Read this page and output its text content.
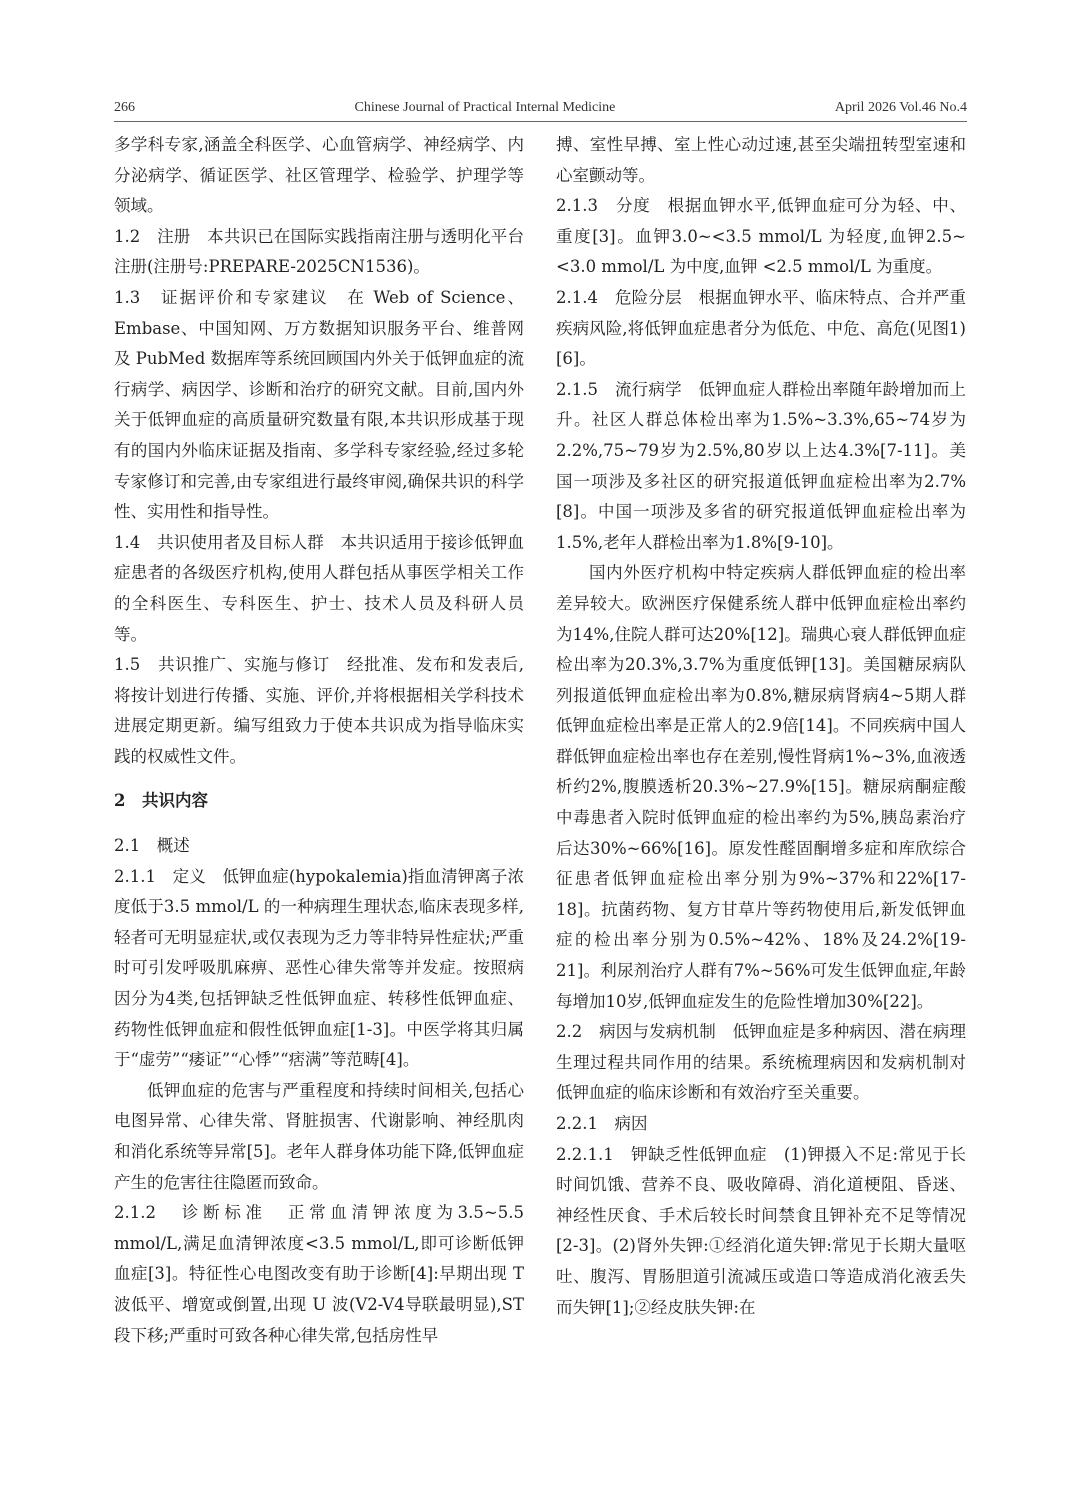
266	Chinese Journal of Practical Internal Medicine	April 2026 Vol.46 No.4

多学科专家,涵盖全科医学、心血管病学、神经病学、内分泌病学、循证医学、社区管理学、检验学、护理学等领域。

1.2　注册　本共识已在国际实践指南注册与透明化平台注册(注册号:PREPARE-2025CN1536)。

1.3　证据评价和专家建议　在 Web of Science、Embase、中国知网、万方数据知识服务平台、维普网及 PubMed 数据库等系统回顾国内外关于低钾血症的流行病学、病因学、诊断和治疗的研究文献。目前,国内外关于低钾血症的高质量研究数量有限,本共识形成基于现有的国内外临床证据及指南、多学科专家经验,经过多轮专家修订和完善,由专家组进行最终审阅,确保共识的科学性、实用性和指导性。

1.4　共识使用者及目标人群　本共识适用于接诊低钾血症患者的各级医疗机构,使用人群包括从事医学相关工作的全科医生、专科医生、护士、技术人员及科研人员等。

1.5　共识推广、实施与修订　经批准、发布和发表后,将按计划进行传播、实施、评价,并将根据相关学科技术进展定期更新。编写组致力于使本共识成为指导临床实践的权威性文件。

2　共识内容

2.1　概述

2.1.1　定义　低钾血症(hypokalemia)指血清钾离子浓度低于3.5 mmol/L 的一种病理生理状态,临床表现多样,轻者可无明显症状,或仅表现为乏力等非特异性症状;严重时可引发呼吸肌麻痹、恶性心律失常等并发症。按照病因分为4类,包括钾缺乏性低钾血症、转移性低钾血症、药物性低钾血症和假性低钾血症[1-3]。中医学将其归属于“虚劳”“痿证”“心悸”“痞满”等范畴[4]。

低钾血症的危害与严重程度和持续时间相关,包括心电图异常、心律失常、肾脏损害、代谢影响、神经肌肉和消化系统等异常[5]。老年人群身体功能下降,低钾血症产生的危害往往隐匿而致命。

2.1.2　诊断标准　正常血清钾浓度为3.5~5.5 mmol/L,满足血清钾浓度<3.5 mmol/L,即可诊断低钾血症[3]。特征性心电图改变有助于诊断[4]:早期出现 T 波低平、增宽或倒置,出现 U 波(V2-V4导联最明显),ST 段下移;严重时可致各种心律失常,包括房性早

搏、室性早搏、室上性心动过速,甚至尖端扭转型室速和心室颤动等。

2.1.3　分度　根据血钾水平,低钾血症可分为轻、中、重度[3]。血钾3.0~<3.5 mmol/L 为轻度,血钾2.5~<3.0 mmol/L 为中度,血钾 <2.5 mmol/L 为重度。

2.1.4　危险分层　根据血钾水平、临床特点、合并严重疾病风险,将低钾血症患者分为低危、中危、高危(见图1)[6]。

2.1.5　流行病学　低钾血症人群检出率随年龄增加而上升。社区人群总体检出率为1.5%~3.3%,65~74岁为2.2%,75~79岁为2.5%,80岁以上达4.3%[7-11]。美国一项涉及多社区的研究报道低钾血症检出率为2.7%[8]。中国一项涉及多省的研究报道低钾血症检出率为1.5%,老年人群检出率为1.8%[9-10]。

国内外医疗机构中特定疾病人群低钾血症的检出率差异较大。欧洲医疗保健系统人群中低钾血症检出率约为14%,住院人群可达20%[12]。瑞典心衰人群低钾血症检出率为20.3%,3.7%为重度低钾[13]。美国糖尿病队列报道低钾血症检出率为0.8%,糖尿病肾病4~5期人群低钾血症检出率是正常人的2.9倍[14]。不同疾病中国人群低钾血症检出率也存在差别,慢性肾病1%~3%,血液透析约2%,腹膜透析20.3%~27.9%[15]。糖尿病酮症酸中毒患者入院时低钾血症的检出率约为5%,胰岛素治疗后达30%~66%[16]。原发性醛固酮增多症和库欣综合征患者低钾血症检出率分别为9%~37%和22%[17-18]。抗菌药物、复方甘草片等药物使用后,新发低钾血症的检出率分别为0.5%~42%、18%及24.2%[19-21]。利尿剂治疗人群有7%~56%可发生低钾血症,年龄每增加10岁,低钾血症发生的危险性增加30%[22]。

2.2　病因与发病机制　低钾血症是多种病因、潜在病理生理过程共同作用的结果。系统梳理病因和发病机制对低钾血症的临床诊断和有效治疗至关重要。

2.2.1　病因

2.2.1.1　钾缺乏性低钾血症　(1)钾摄入不足:常见于长时间饥饿、营养不良、吸收障碍、消化道梗阻、昏迷、神经性厌食、手术后较长时间禁食且钾补充不足等情况[2-3]。(2)肾外失钾:①经消化道失钾:常见于长期大量呕吐、腹泻、胃肠胆道引流减压或造口等造成消化液丢失而失钾[1];②经皮肤失钾:在
